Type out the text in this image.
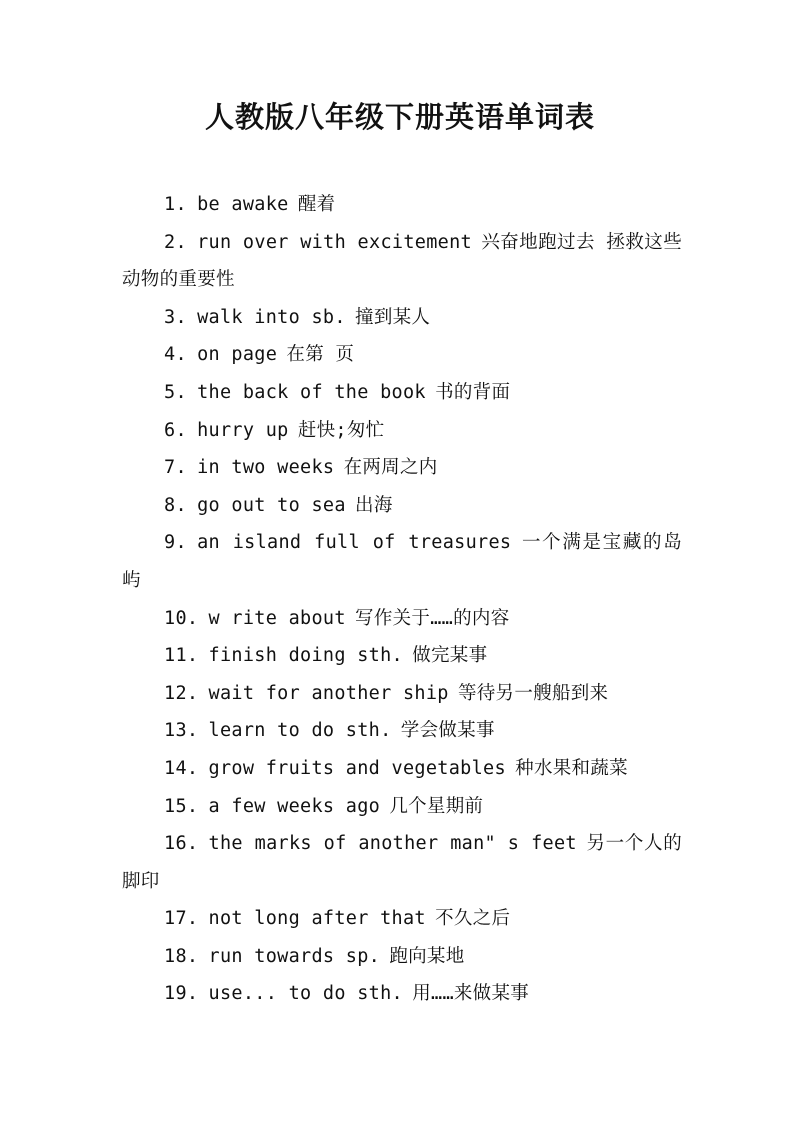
人教版八年级下册英语单词表
1. be awake 醒着
2. run over with excitement 兴奋地跑过去 拯救这些动物的重要性
3. walk into sb. 撞到某人
4. on page 在第 页
5. the back of the book 书的背面
6. hurry up 赶快;匆忙
7. in two weeks 在两周之内
8. go out to sea 出海
9. an island full of treasures 一个满是宝藏的岛屿
10. w rite about 写作关于……的内容
11. finish doing sth. 做完某事
12. wait for another ship 等待另一艘船到来
13. learn to do sth. 学会做某事
14. grow fruits and vegetables 种水果和蔬菜
15. a few weeks ago 几个星期前
16. the marks of another man" s feet 另一个人的脚印
17. not long after that 不久之后
18. run towards sp. 跑向某地
19. use... to do sth. 用……来做某事
